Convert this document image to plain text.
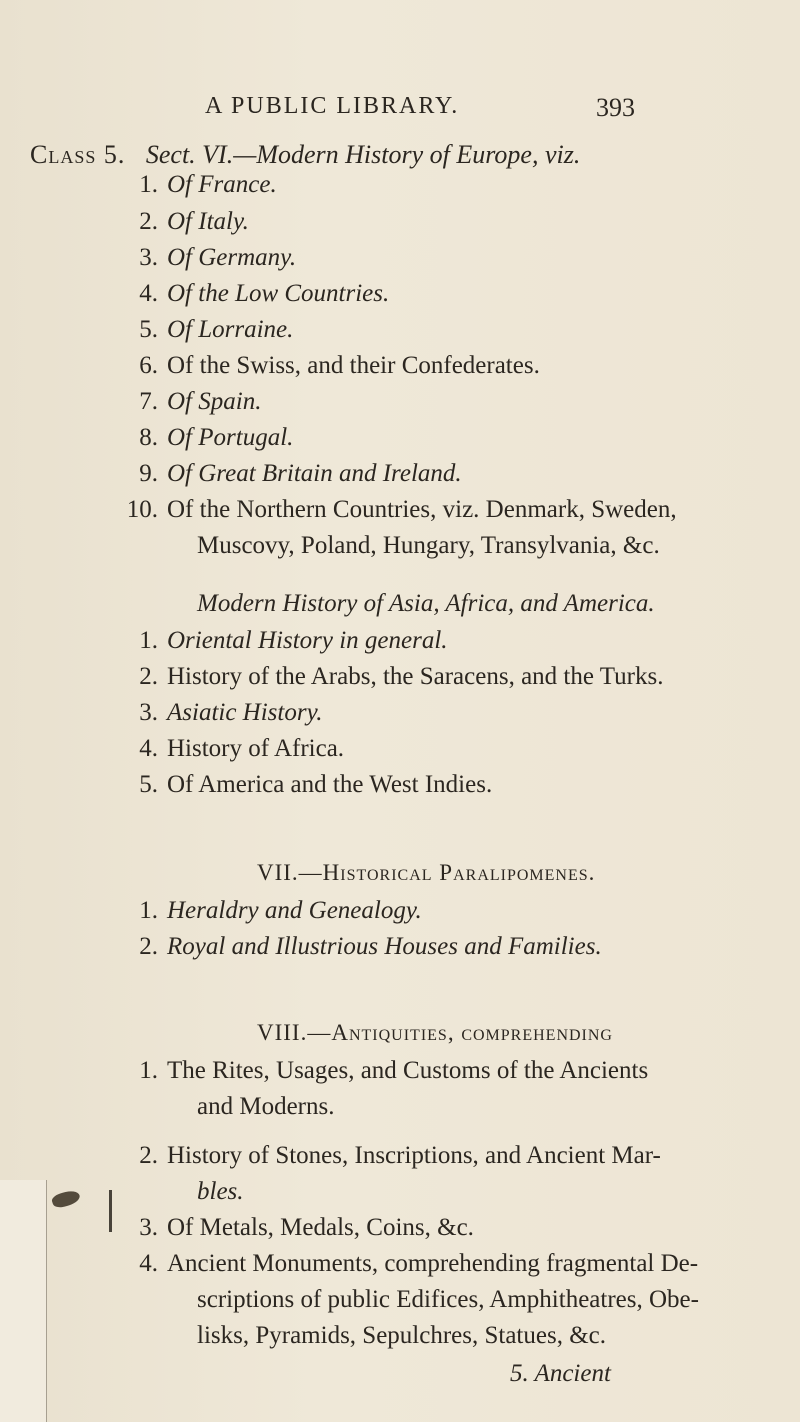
A PUBLIC LIBRARY.	393
Class 5. Sect. VI.—Modern History of Europe, viz.
1. Of France.
2. Of Italy.
3. Of Germany.
4. Of the Low Countries.
5. Of Lorraine.
6. Of the Swiss, and their Confederates.
7. Of Spain.
8. Of Portugal.
9. Of Great Britain and Ireland.
10. Of the Northern Countries, viz. Denmark, Sweden,
Muscovy, Poland, Hungary, Transylvania, &c.
Modern History of Asia, Africa, and America.
1. Oriental History in general.
2. History of the Arabs, the Saracens, and the Turks.
3. Asiatic History.
4. History of Africa.
5. Of America and the West Indies.
VII.—Historical Paralipomenes.
1. Heraldry and Genealogy.
2. Royal and Illustrious Houses and Families.
VIII.—Antiquities, comprehending
1. The Rites, Usages, and Customs of the Ancients
and Moderns.
2. History of Stones, Inscriptions, and Ancient Mar-
bles.
3. Of Metals, Medals, Coins, &c.
4. Ancient Monuments, comprehending fragmental De-
scriptions of public Edifices, Amphitheatres, Obe-
lisks, Pyramids, Sepulchres, Statues, &c.
5. Ancient
